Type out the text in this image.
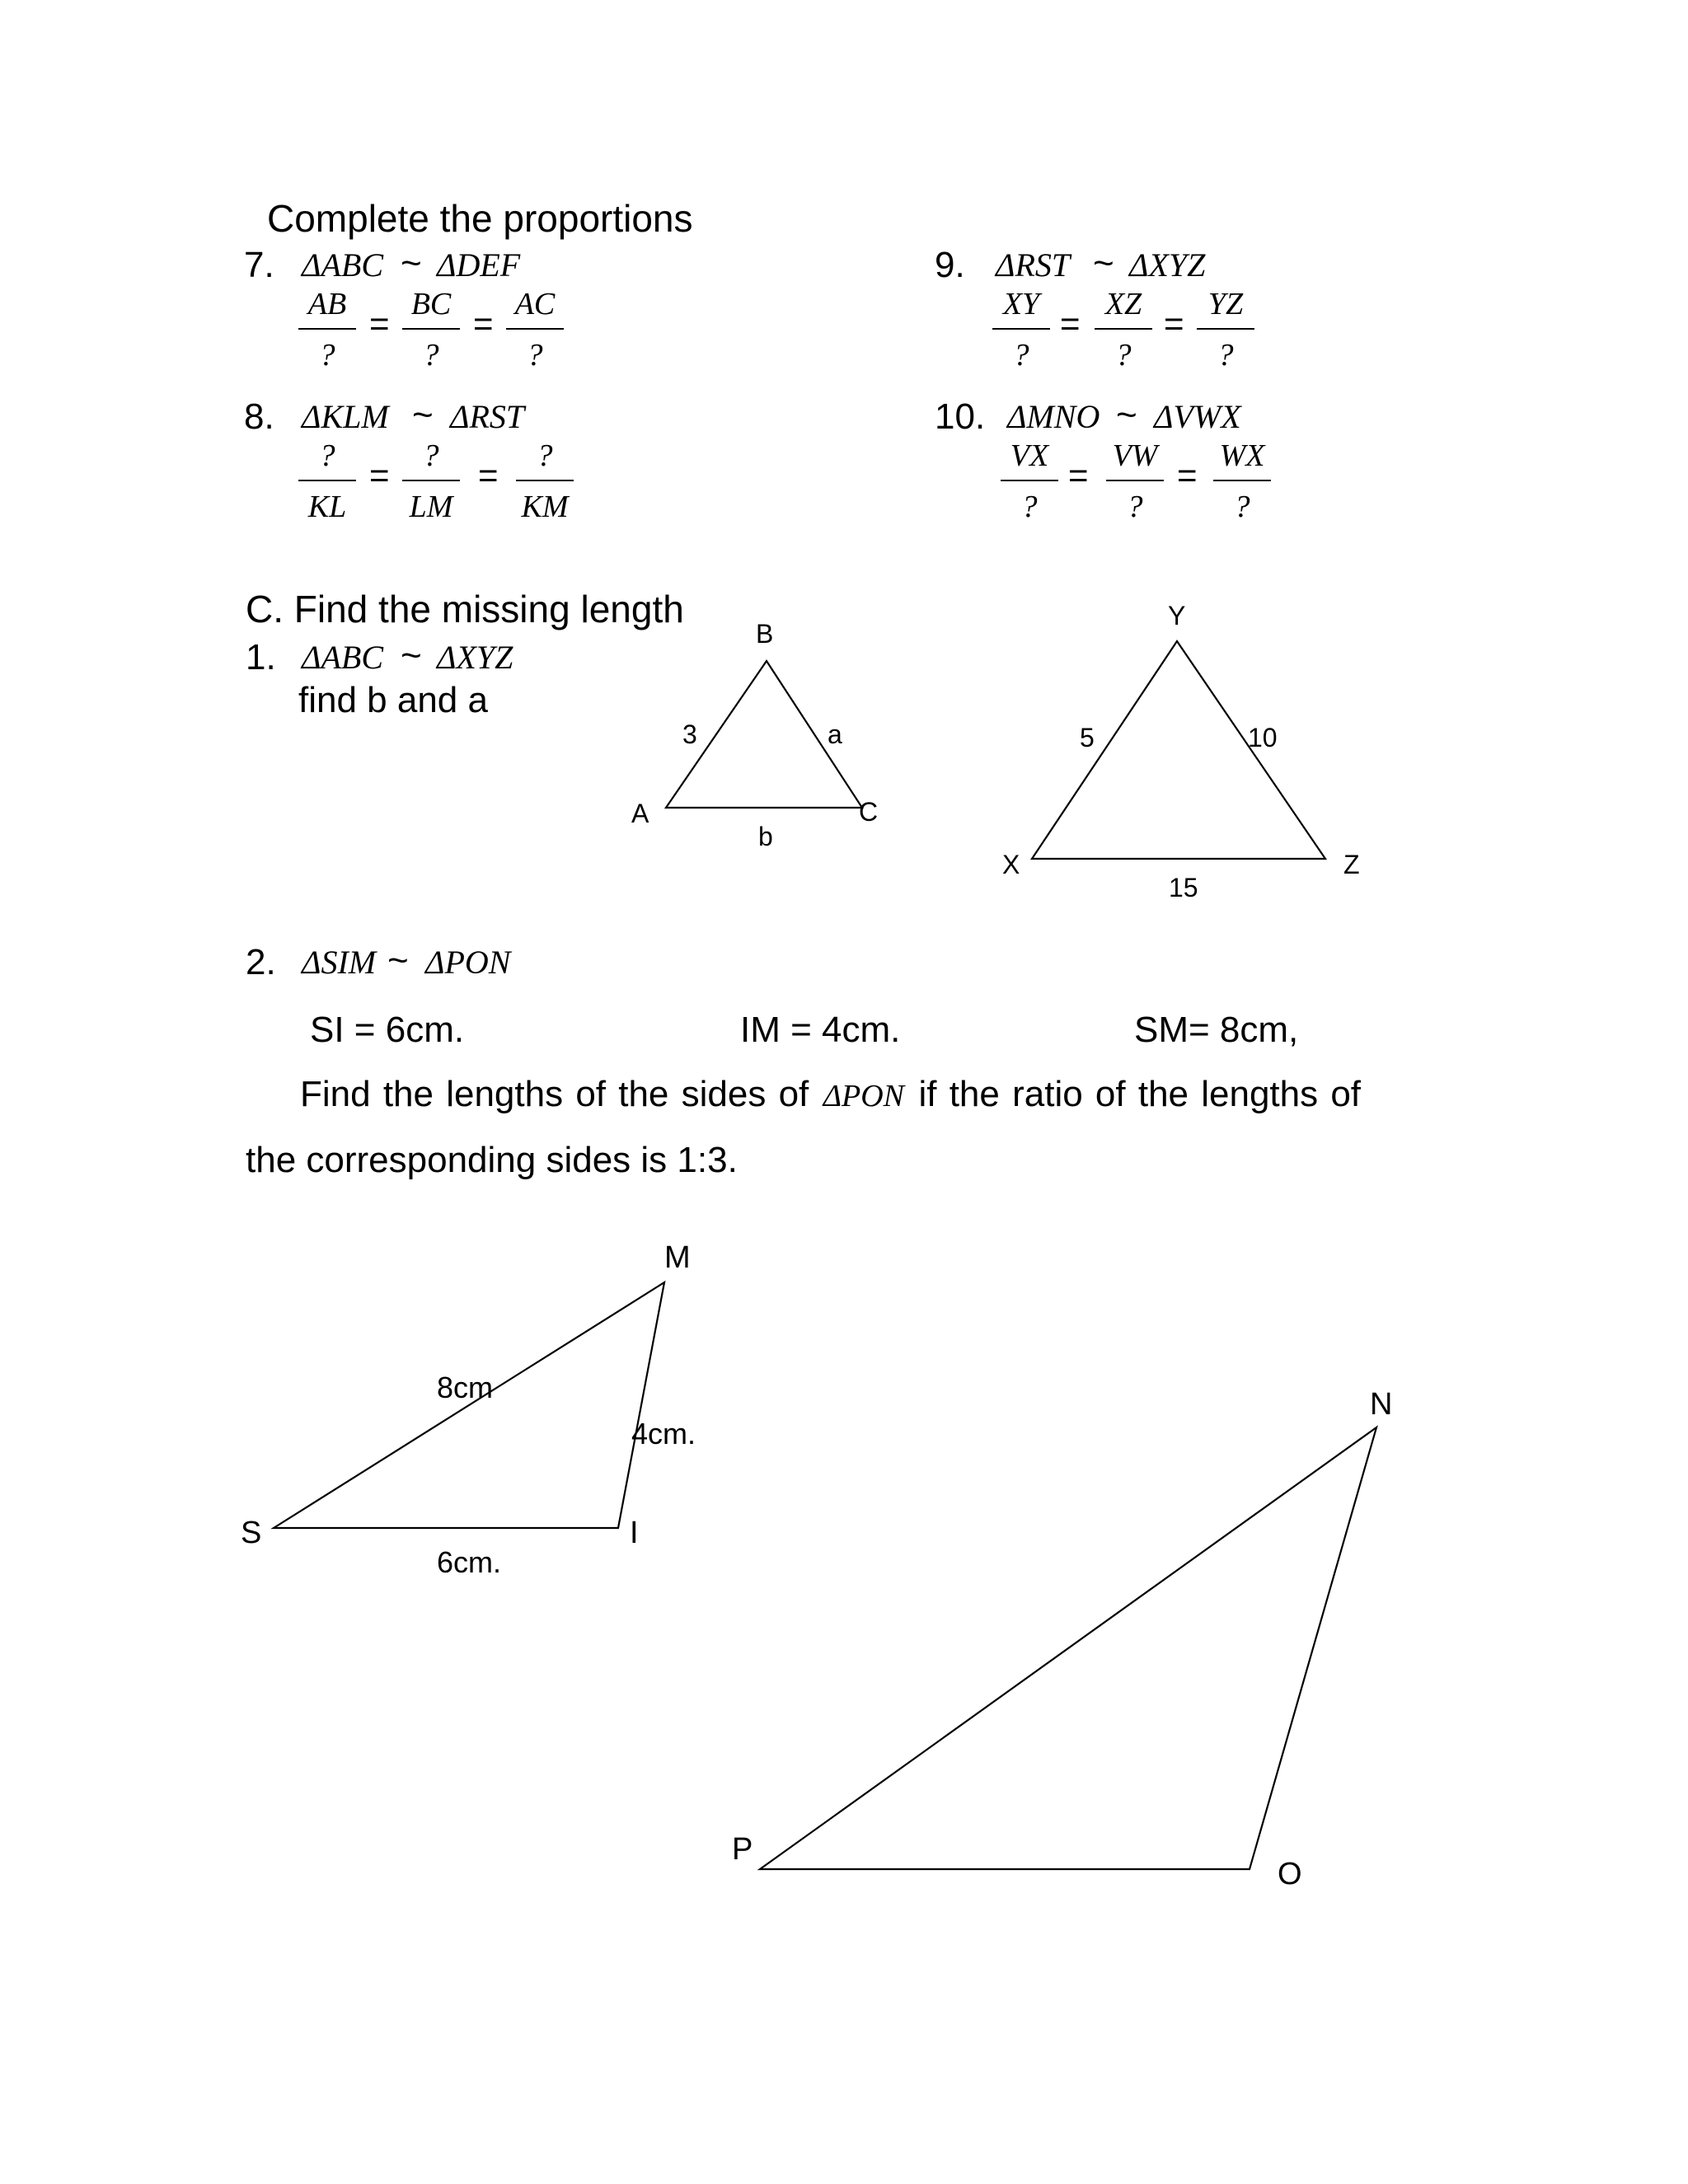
Complete the proportions
7. ΔABC ~ ΔDEF
AB
?
= BC
?
= AC
?
8. ΔKLM ~ ΔRST
?
KL
=	?
LM
=	?
KM
9. ΔRST ~ ΔXYZ
XY
?
= XZ
?
= YZ
?
10. ΔMNO ~ ΔVWX
VX
?
= VW
?
= WX
?
C. Find the missing length
1. ΔABC ~ ΔXYZ
find b and a
B
A	C
3	a
b
Y
X	Z
5	10
15
2. ΔSIM ~ ΔPON
SI = 6cm.	IM = 4cm.	SM= 8cm,
Find the lengths of the sides of ΔPON if the ratio of the lengths of
the corresponding sides is 1:3.
M
S	I
8cm
4cm.
6cm.
N
P
O
